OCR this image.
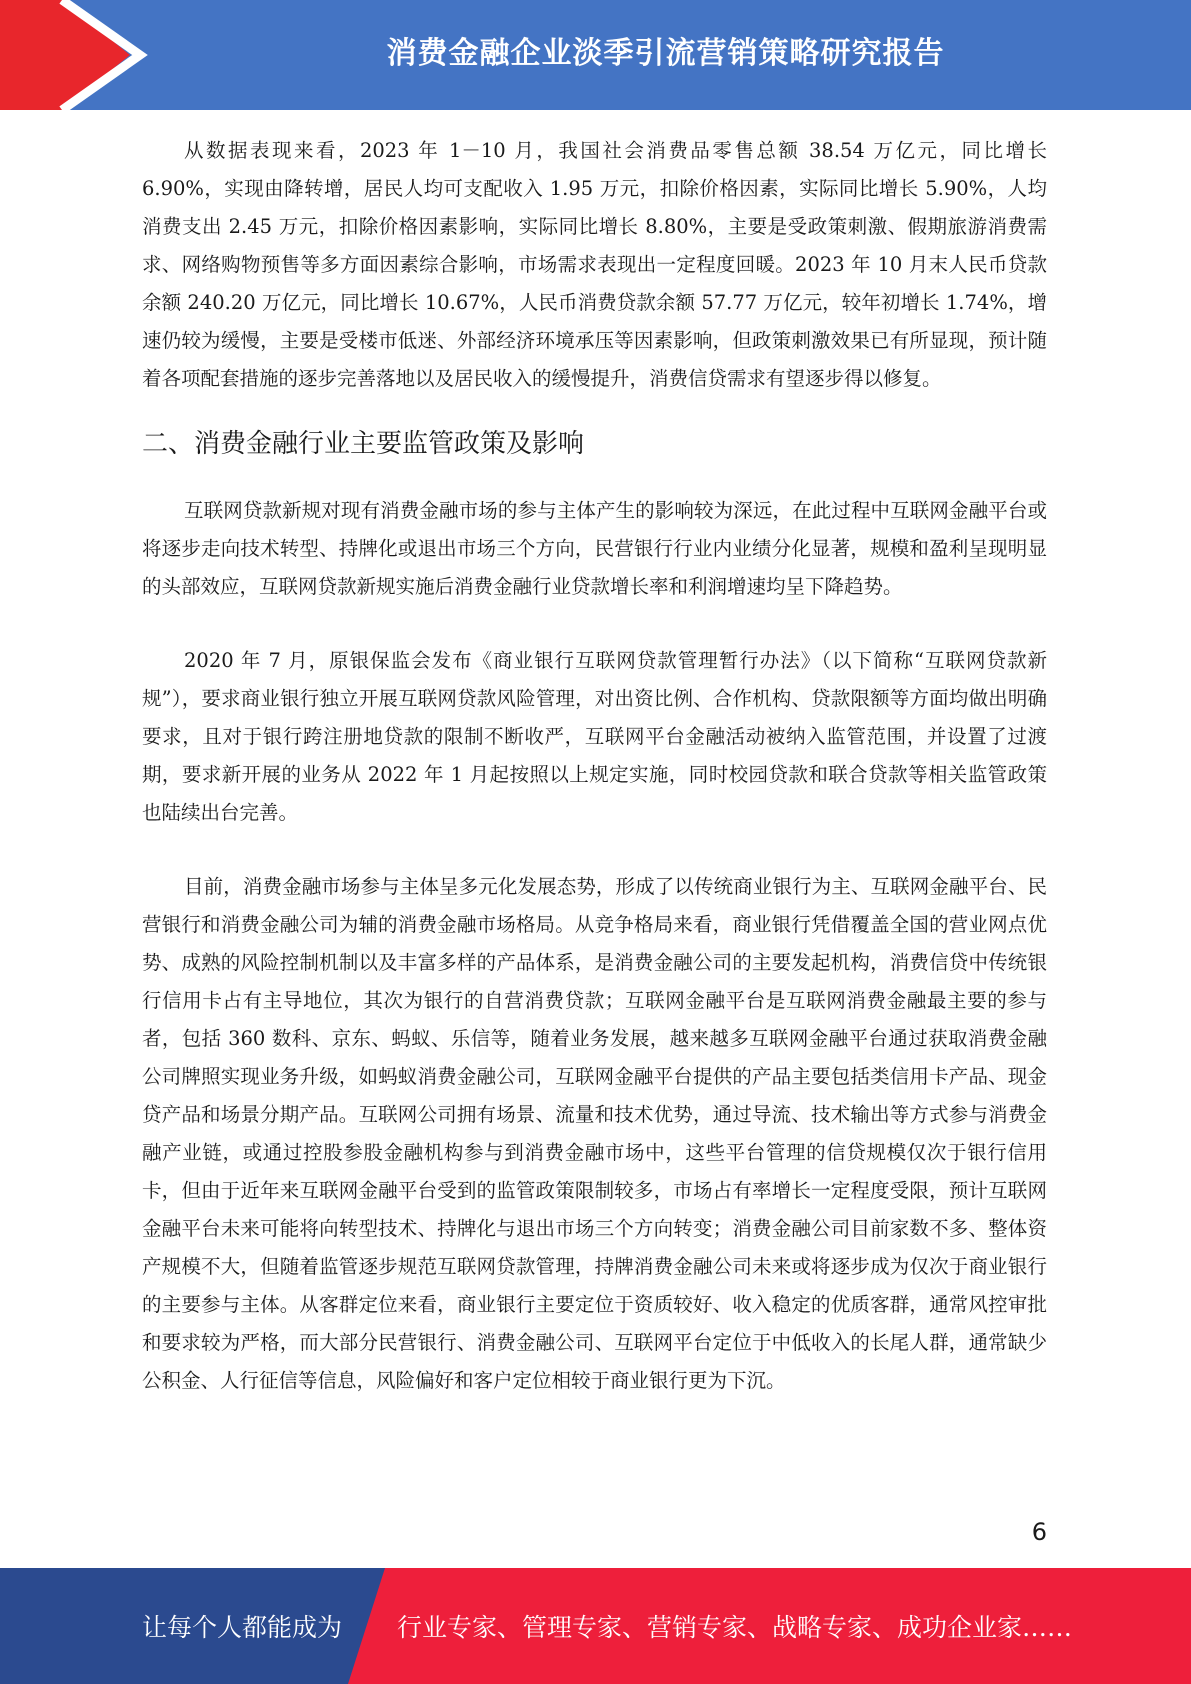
消费金融企业淡季引流营销策略研究报告

从数据表现来看，2023 年 1－10 月，我国社会消费品零售总额 38.54 万亿元，同比增长 6.90%，实现由降转增，居民人均可支配收入 1.95 万元，扣除价格因素，实际同比增长 5.90%，人均消费支出 2.45 万元，扣除价格因素影响，实际同比增长 8.80%，主要是受政策刺激、假期旅游消费需求、网络购物预售等多方面因素综合影响，市场需求表现出一定程度回暖。2023 年 10 月末人民币贷款余额 240.20 万亿元，同比增长 10.67%，人民币消费贷款余额 57.77 万亿元，较年初增长 1.74%，增速仍较为缓慢，主要是受楼市低迷、外部经济环境承压等因素影响，但政策刺激效果已有所显现，预计随着各项配套措施的逐步完善落地以及居民收入的缓慢提升，消费信贷需求有望逐步得以修复。

二、消费金融行业主要监管政策及影响

互联网贷款新规对现有消费金融市场的参与主体产生的影响较为深远，在此过程中互联网金融平台或将逐步走向技术转型、持牌化或退出市场三个方向，民营银行行业内业绩分化显著，规模和盈利呈现明显的头部效应，互联网贷款新规实施后消费金融行业贷款增长率和利润增速均呈下降趋势。

2020 年 7 月，原银保监会发布《商业银行互联网贷款管理暂行办法》（以下简称“互联网贷款新规”），要求商业银行独立开展互联网贷款风险管理，对出资比例、合作机构、贷款限额等方面均做出明确要求，且对于银行跨注册地贷款的限制不断收严，互联网平台金融活动被纳入监管范围，并设置了过渡期，要求新开展的业务从 2022 年 1 月起按照以上规定实施，同时校园贷款和联合贷款等相关监管政策也陆续出台完善。

目前，消费金融市场参与主体呈多元化发展态势，形成了以传统商业银行为主、互联网金融平台、民营银行和消费金融公司为辅的消费金融市场格局。从竞争格局来看，商业银行凭借覆盖全国的营业网点优势、成熟的风险控制机制以及丰富多样的产品体系，是消费金融公司的主要发起机构，消费信贷中传统银行信用卡占有主导地位，其次为银行的自营消费贷款；互联网金融平台是互联网消费金融最主要的参与者，包括 360 数科、京东、蚂蚁、乐信等，随着业务发展，越来越多互联网金融平台通过获取消费金融公司牌照实现业务升级，如蚂蚁消费金融公司，互联网金融平台提供的产品主要包括类信用卡产品、现金贷产品和场景分期产品。互联网公司拥有场景、流量和技术优势，通过导流、技术输出等方式参与消费金融产业链，或通过控股参股金融机构参与到消费金融市场中，这些平台管理的信贷规模仅次于银行信用卡，但由于近年来互联网金融平台受到的监管政策限制较多，市场占有率增长一定程度受限，预计互联网金融平台未来可能将向转型技术、持牌化与退出市场三个方向转变；消费金融公司目前家数不多、整体资产规模不大，但随着监管逐步规范互联网贷款管理，持牌消费金融公司未来或将逐步成为仅次于商业银行的主要参与主体。从客群定位来看，商业银行主要定位于资质较好、收入稳定的优质客群，通常风控审批和要求较为严格，而大部分民营银行、消费金融公司、互联网平台定位于中低收入的长尾人群，通常缺少公积金、人行征信等信息，风险偏好和客户定位相较于商业银行更为下沉。

6
让每个人都能成为 行业专家、管理专家、营销专家、战略专家、成功企业家……
